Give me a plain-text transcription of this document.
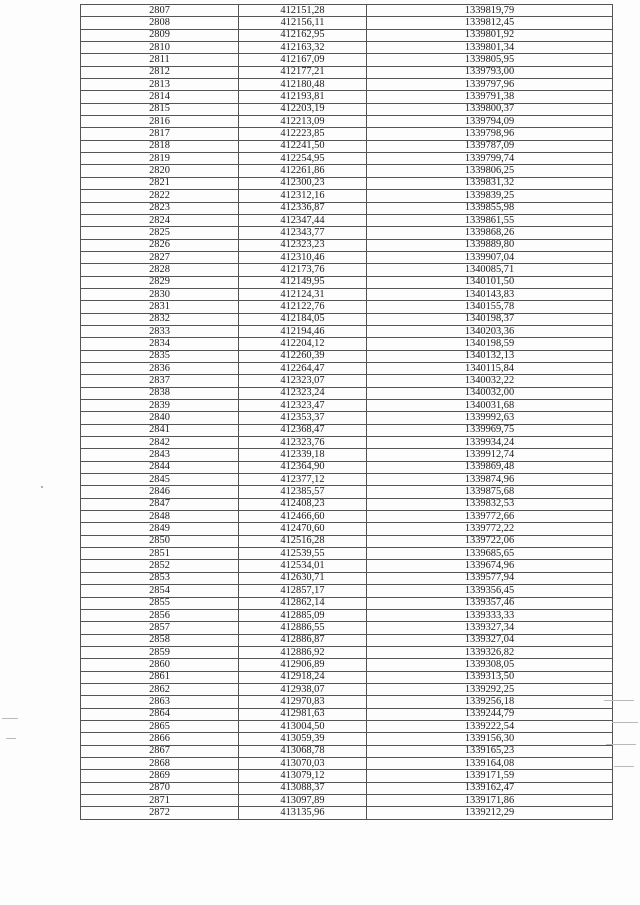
2807	412151,28	1339819,79
2808	412156,11	1339812,45
2809	412162,95	1339801,92
2810	412163,32	1339801,34
2811	412167,09	1339805,95
2812	412177,21	1339793,00
2813	412180,48	1339797,96
2814	412193,81	1339791,38
2815	412203,19	1339800,37
2816	412213,09	1339794,09
2817	412223,85	1339798,96
2818	412241,50	1339787,09
2819	412254,95	1339799,74
2820	412261,86	1339806,25
2821	412300,23	1339831,32
2822	412312,16	1339839,25
2823	412336,87	1339855,98
2824	412347,44	1339861,55
2825	412343,77	1339868,26
2826	412323,23	1339889,80
2827	412310,46	1339907,04
2828	412173,76	1340085,71
2829	412149,95	1340101,50
2830	412124,31	1340143,83
2831	412122,76	1340155,78
2832	412184,05	1340198,37
2833	412194,46	1340203,36
2834	412204,12	1340198,59
2835	412260,39	1340132,13
2836	412264,47	1340115,84
2837	412323,07	1340032,22
2838	412323,24	1340032,00
2839	412323,47	1340031,68
2840	412353,37	1339992,63
2841	412368,47	1339969,75
2842	412323,76	1339934,24
2843	412339,18	1339912,74
2844	412364,90	1339869,48
2845	412377,12	1339874,96
2846	412385,57	1339875,68
2847	412408,23	1339832,53
2848	412466,60	1339772,66
2849	412470,60	1339772,22
2850	412516,28	1339722,06
2851	412539,55	1339685,65
2852	412534,01	1339674,96
2853	412630,71	1339577,94
2854	412857,17	1339356,45
2855	412862,14	1339357,46
2856	412885,09	1339333,33
2857	412886,55	1339327,34
2858	412886,87	1339327,04
2859	412886,92	1339326,82
2860	412906,89	1339308,05
2861	412918,24	1339313,50
2862	412938,07	1339292,25
2863	412970,83	1339256,18
2864	412981,63	1339244,79
2865	413004,50	1339222,54
2866	413059,39	1339156,30
2867	413068,78	1339165,23
2868	413070,03	1339164,08
2869	413079,12	1339171,59
2870	413088,37	1339162,47
2871	413097,89	1339171,86
2872	413135,96	1339212,29
